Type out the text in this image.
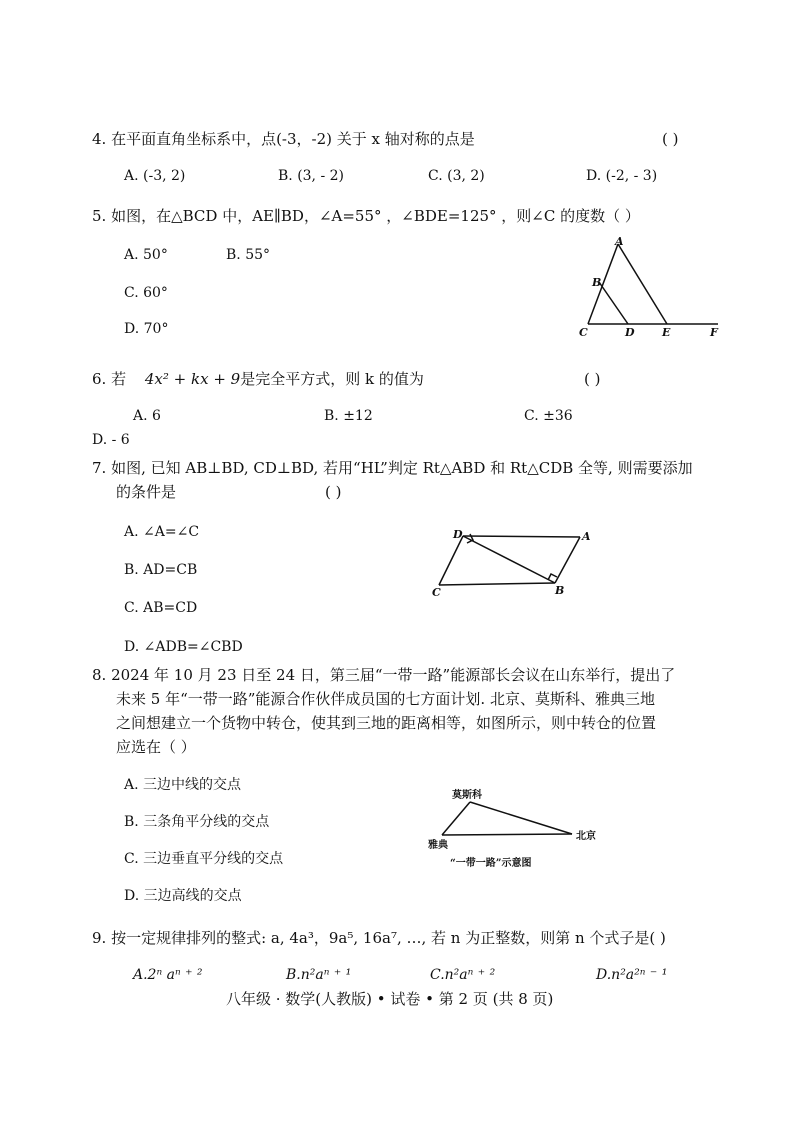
4. 在平面直角坐标系中，点(-3，-2) 关于 x 轴对称的点是	( )
A. (-3, 2)	B. (3, - 2)	C. (3, 2)	D. (-2, - 3)
5. 如图，在△BCD 中，AE∥BD，∠A=55° ，∠BDE=125° ，则∠C 的度数（ ）
A. 50°	B. 55°
C. 60°
D. 70°
A
B
C	D E	F
6. 若 4x² + kx + 9是完全平方式，则 k 的值为	( )
A. 6	B. ±12	C. ±36
D. - 6
7. 如图, 已知 AB⊥BD, CD⊥BD, 若用“HL”判定 Rt△ABD 和 Rt△CDB 全等, 则需要添加
的条件是	( )
A. ∠A=∠C
B. AD=CB
C. AB=CD
D. ∠ADB=∠CBD
D	A
C	B
8. 2024 年 10 月 23 日至 24 日，第三届“一带一路”能源部长会议在山东举行，提出了
未来 5 年“一带一路”能源合作伙伴成员国的七方面计划. 北京、莫斯科、雅典三地
之间想建立一个货物中转仓，使其到三地的距离相等，如图所示，则中转仓的位置
应选在（ ）
A. 三边中线的交点
B. 三条角平分线的交点
C. 三边垂直平分线的交点
D. 三边高线的交点
莫斯科
雅典
北京
“一带一路”示意图
9. 按一定规律排列的整式: a, 4a³，9a⁵, 16a⁷, …, 若 n 为正整数，则第 n 个式子是( )
A.2ⁿ aⁿ ⁺ ²	B.n²aⁿ ⁺ ¹	C.n²aⁿ ⁺ ²	D.n²a²ⁿ ⁻ ¹
八年级 · 数学(人教版) • 试卷 • 第 2 页 (共 8 页)
